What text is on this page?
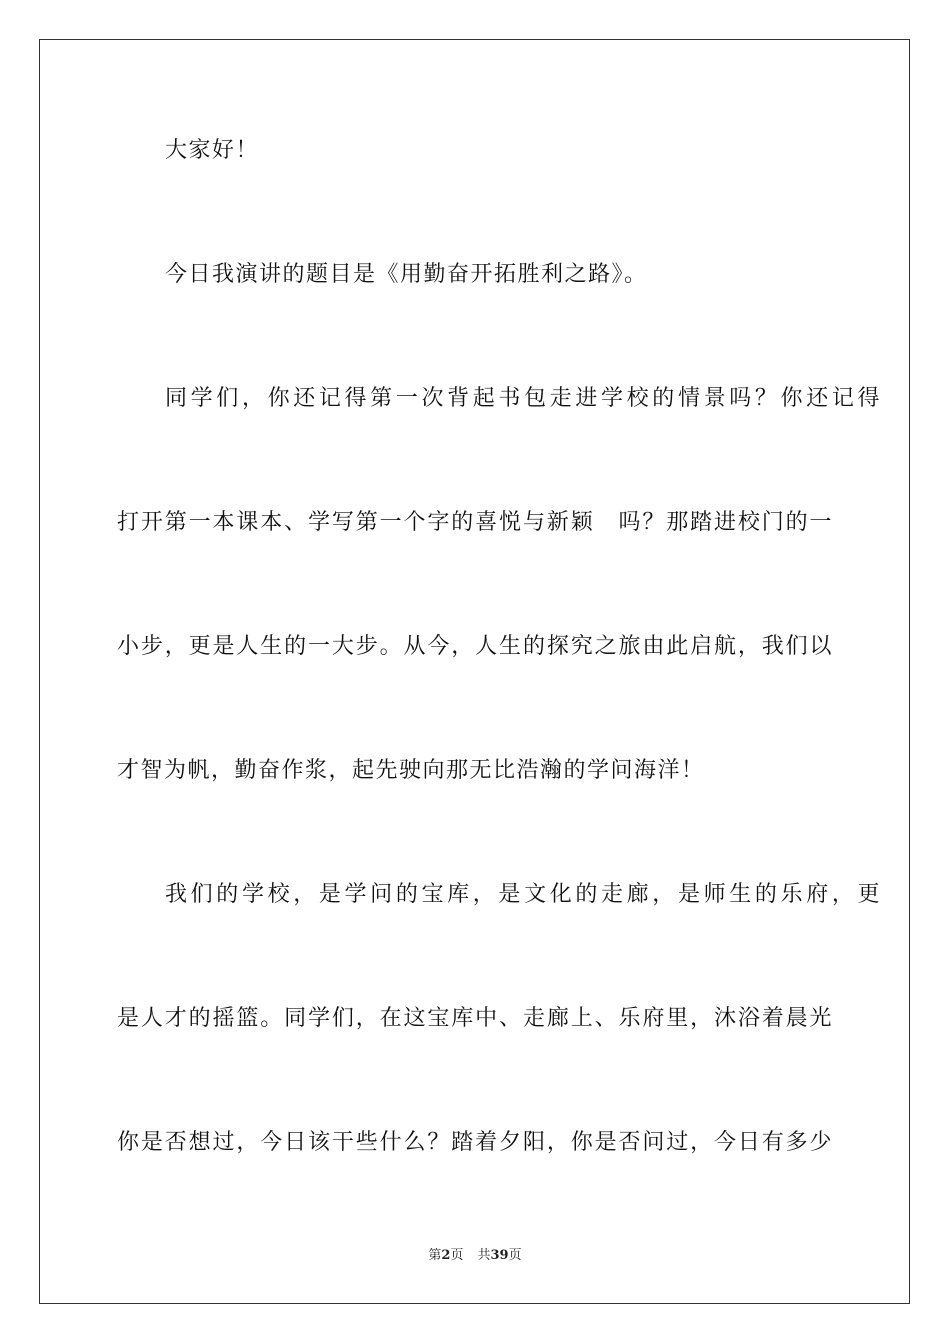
大家好！
今日我演讲的题目是《用勤奋开拓胜利之路》。
同学们，你还记得第一次背起书包走进学校的情景吗？你还记得
打开第一本课本、学写第一个字的喜悦与新颖　吗？那踏进校门的一
小步，更是人生的一大步。从今，人生的探究之旅由此启航，我们以
才智为帆，勤奋作浆，起先驶向那无比浩瀚的学问海洋！
我们的学校，是学问的宝库，是文化的走廊，是师生的乐府，更
是人才的摇篮。同学们，在这宝库中、走廊上、乐府里，沐浴着晨光
你是否想过，今日该干些什么？踏着夕阳，你是否问过，今日有多少
第2页 共39页
